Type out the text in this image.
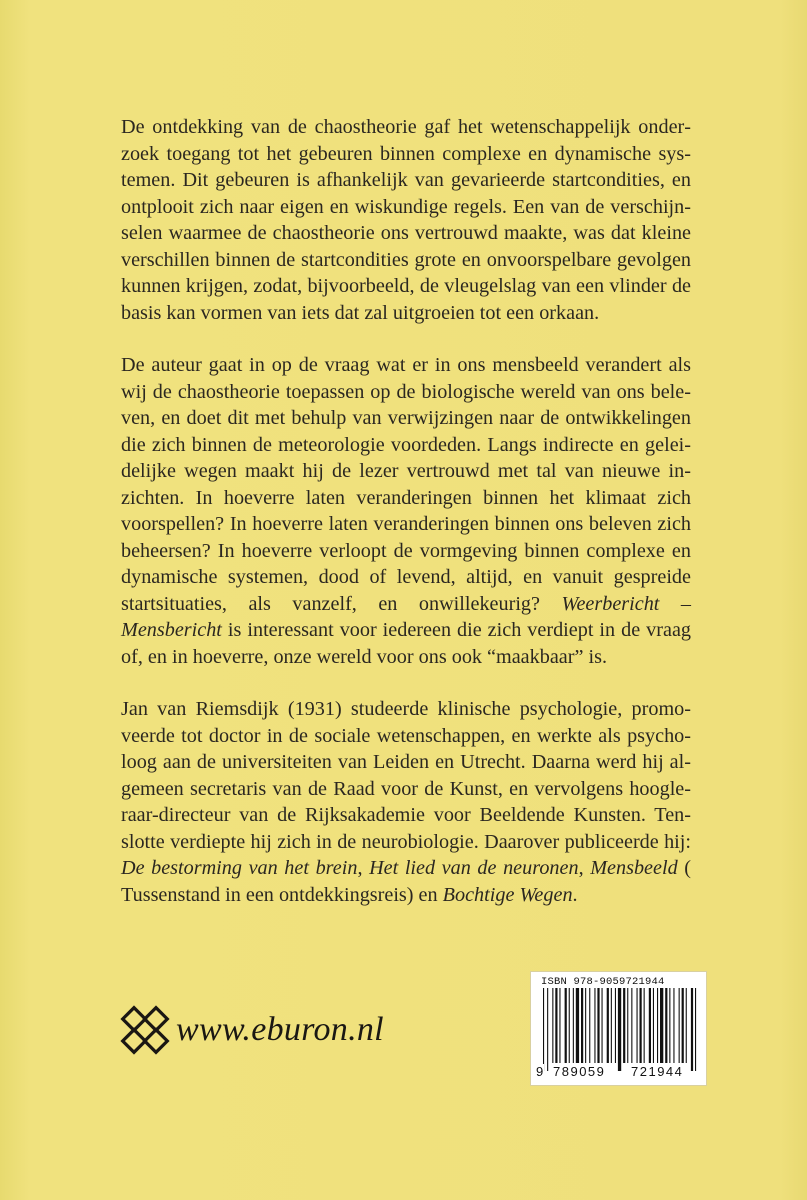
De ontdekking van de chaostheorie gaf het wetenschappelijk onderzoek toegang tot het gebeuren binnen complexe en dynamische systemen. Dit gebeuren is afhankelijk van gevarieerde startcondities, en ontplooit zich naar eigen en wiskundige regels. Een van de verschijnselen waarmee de chaostheorie ons vertrouwd maakte, was dat kleine verschillen binnen de startcondities grote en onvoorspelbare gevolgen kunnen krijgen, zodat, bijvoorbeeld, de vleugelslag van een vlinder de basis kan vormen van iets dat zal uitgroeien tot een orkaan.

De auteur gaat in op de vraag wat er in ons mensbeeld verandert als wij de chaostheorie toepassen op de biologische wereld van ons beleven, en doet dit met behulp van verwijzingen naar de ontwikkelingen die zich binnen de meteorologie voordeden. Langs indirecte en geleidelijke wegen maakt hij de lezer vertrouwd met tal van nieuwe inzichten. In hoeverre laten veranderingen binnen het klimaat zich voorspellen? In hoeverre laten veranderingen binnen ons beleven zich beheersen? In hoeverre verloopt de vormgeving binnen complexe en dynamische systemen, dood of levend, altijd, en vanuit gespreide startsituaties, als vanzelf, en onwillekeurig? Weerbericht – Mensbericht is interessant voor iedereen die zich verdiept in de vraag of, en in hoeverre, onze wereld voor ons ook “maakbaar” is.

Jan van Riemsdijk (1931) studeerde klinische psychologie, promoveerde tot doctor in de sociale wetenschappen, en werkte als psycholoog aan de universiteiten van Leiden en Utrecht. Daarna werd hij algemeen secretaris van de Raad voor de Kunst, en vervolgens hoogleraar-directeur van de Rijksakademie voor Beeldende Kunsten. Tenslotte verdiepte hij zich in de neurobiologie. Daarover publiceerde hij: De bestorming van het brein, Het lied van de neuronen, Mensbeeld ( Tussenstand in een ontdekkingsreis) en Bochtige Wegen.

www.eburon.nl
ISBN 978-9059721944
9 789059 721944
